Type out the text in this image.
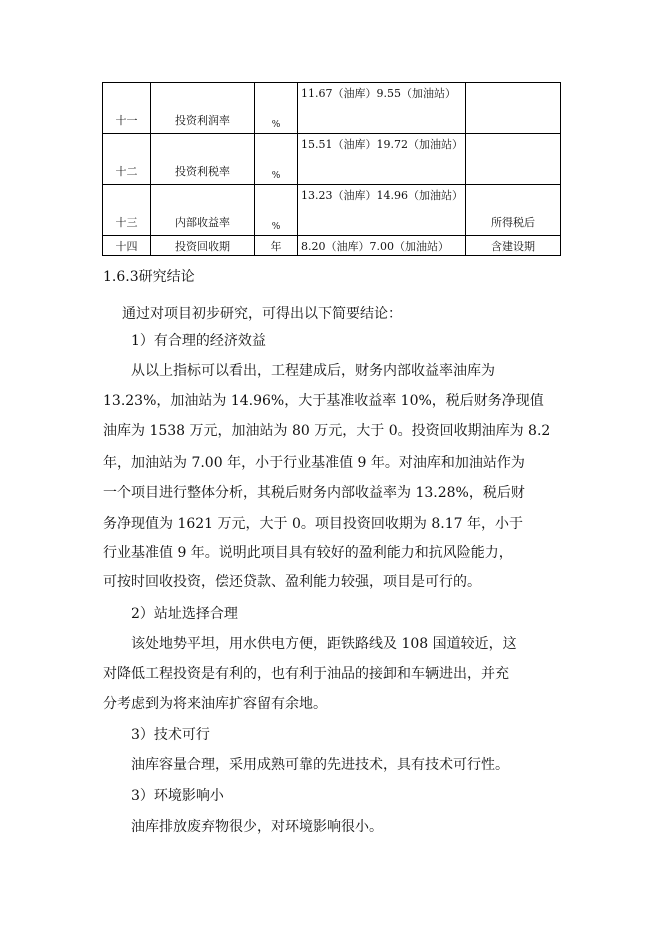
十一	投资利润率	%	11.67（油库）9.55（加油站）	
十二	投资利税率	%	15.51（油库）19.72（加油站）	
十三	内部收益率	%	13.23（油库）14.96（加油站）	所得税后
十四	投资回收期	年	8.20（油库）7.00（加油站）	含建设期
1.6.3研究结论
通过对项目初步研究，可得出以下简要结论：
1）有合理的经济效益
从以上指标可以看出，工程建成后，财务内部收益率油库为
13.23%，加油站为 14.96%，大于基准收益率 10%，税后财务净现值
油库为 1538 万元，加油站为 80 万元，大于 0。投资回收期油库为 8.2
年，加油站为 7.00 年，小于行业基准值 9 年。对油库和加油站作为
一个项目进行整体分析，其税后财务内部收益率为 13.28%，税后财
务净现值为 1621 万元，大于 0。项目投资回收期为 8.17 年，小于
行业基准值 9 年。说明此项目具有较好的盈利能力和抗风险能力，
可按时回收投资，偿还贷款、盈利能力较强，项目是可行的。
2）站址选择合理
该处地势平坦，用水供电方便，距铁路线及 108 国道较近，这
对降低工程投资是有利的，也有利于油品的接卸和车辆进出，并充
分考虑到为将来油库扩容留有余地。
3）技术可行
油库容量合理，采用成熟可靠的先进技术，具有技术可行性。
3）环境影响小
油库排放废弃物很少，对环境影响很小。
